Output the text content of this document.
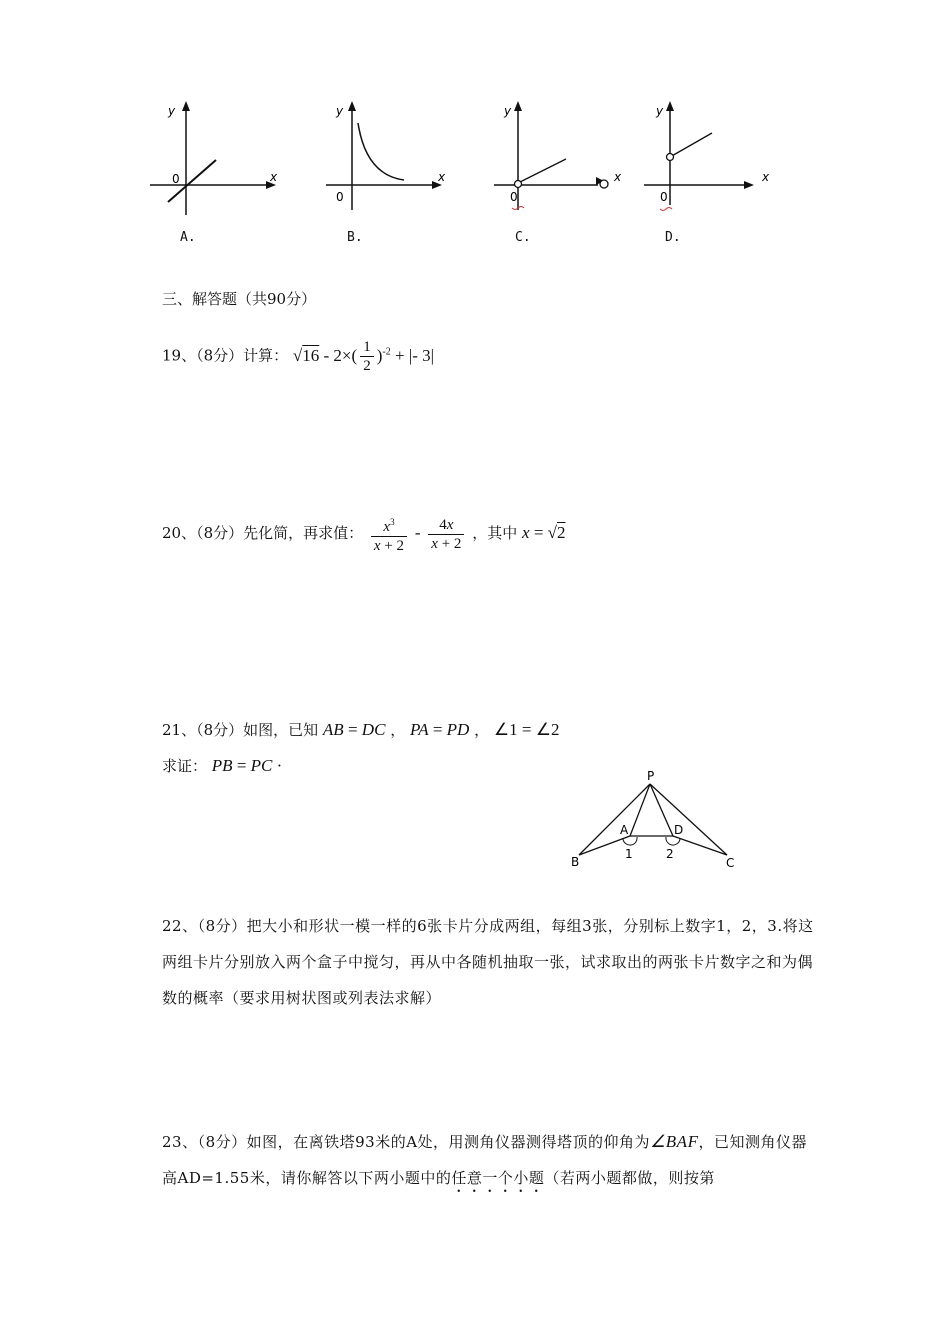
y
x
0
y
x
0
y
x
0
y
x
0
A.	B.	C.	D.
三、解答题（共90分）
19、（8分）计算： $√16 - 2\times( \frac{1}{2} )^{-2}$ + |- 3|
20、（8分）先化简，再求值： $\frac{x^3}{x + 2} - \frac{4x}{x + 2}$ ，其中 x = √2
21、（8分）如图，已知 AB = DC ， PA = PD ， ∠1 = ∠2
求证： PB = PC ·
P
A	D
B	C
1	2
22、（8分）把大小和形状一模一样的6张卡片分成两组，每组3张，分别标上数字1，2，3.将这两组卡片分别放入两个盒子中搅匀，再从中各随机抽取一张，试求取出的两张卡片数字之和为偶数的概率（要求用树状图或列表法求解）
23、（8分）如图，在离铁塔93米的A处，用测角仪器测得塔顶的仰角为∠BAF，已知测角仪器高AD=1.55米，请你解答以下两小题中的任意一个小题（若两小题都做，则按第
